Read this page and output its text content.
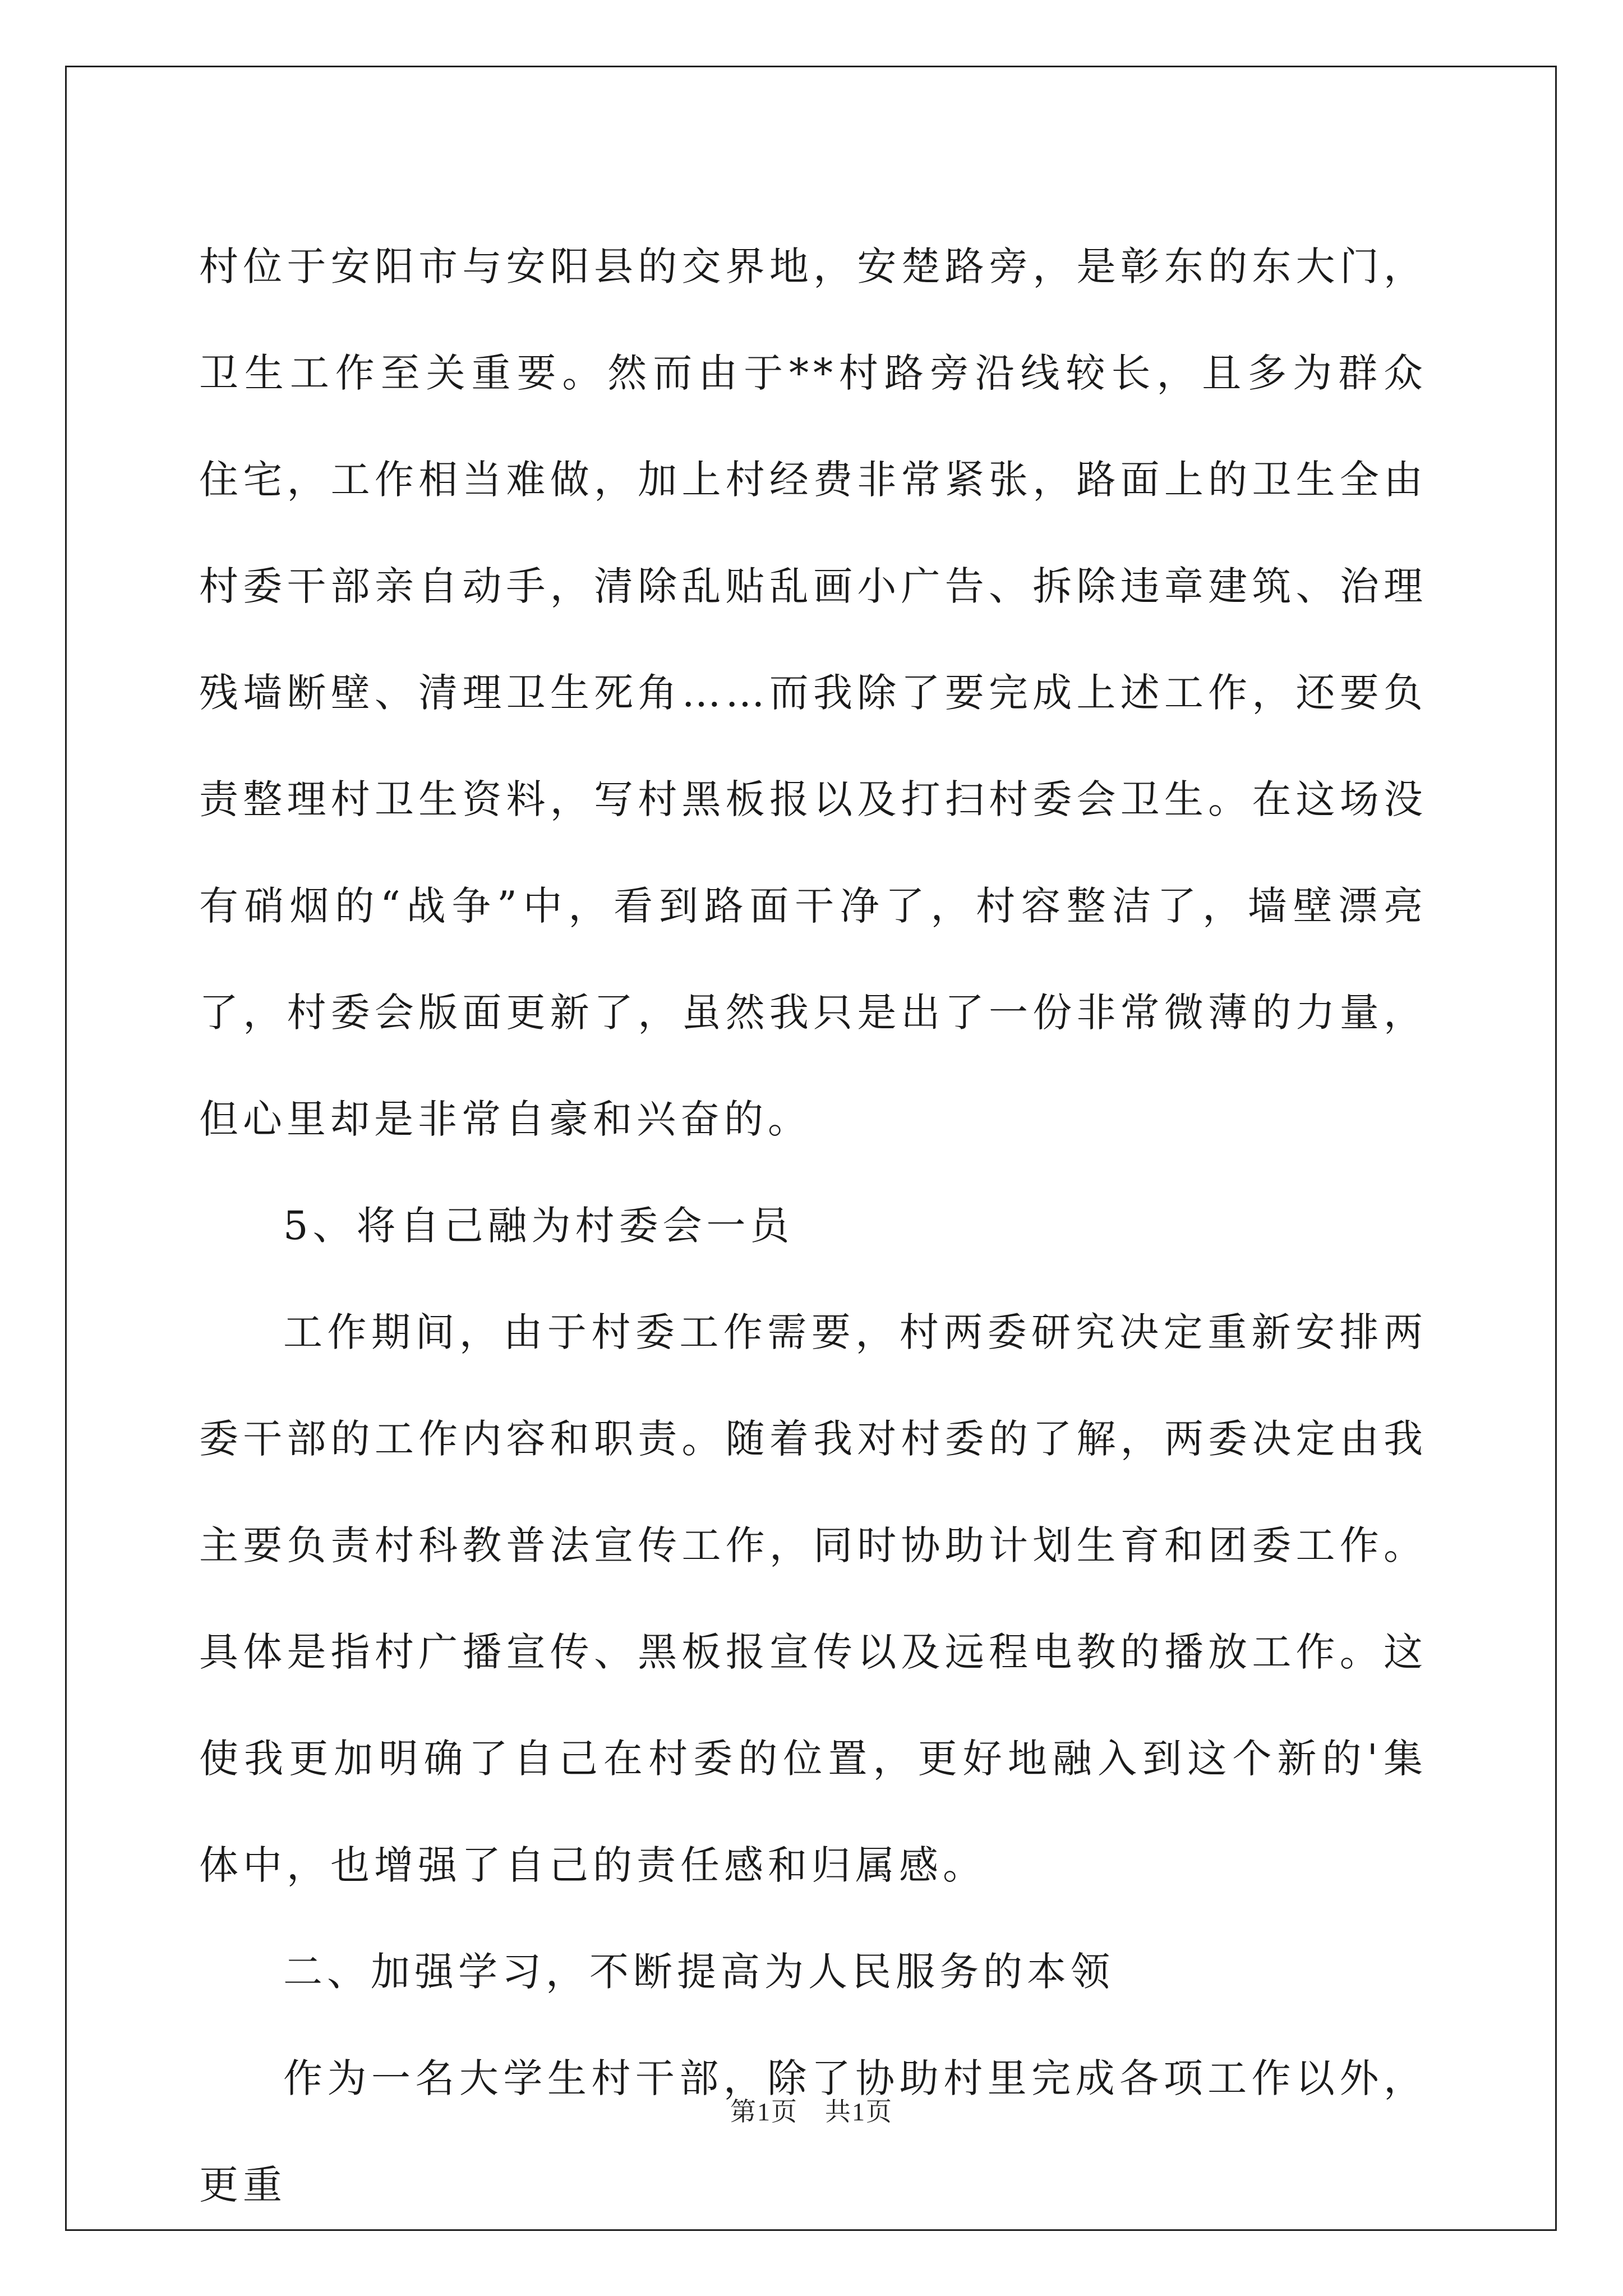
村位于安阳市与安阳县的交界地，安楚路旁，是彰东的东大门，卫生工作至关重要。然而由于**村路旁沿线较长，且多为群众住宅，工作相当难做，加上村经费非常紧张，路面上的卫生全由村委干部亲自动手，清除乱贴乱画小广告、拆除违章建筑、治理残墙断壁、清理卫生死角……而我除了要完成上述工作，还要负责整理村卫生资料，写村黑板报以及打扫村委会卫生。在这场没有硝烟的“战争”中，看到路面干净了，村容整洁了，墙壁漂亮了，村委会版面更新了，虽然我只是出了一份非常微薄的力量，但心里却是非常自豪和兴奋的。

5、将自己融为村委会一员

工作期间，由于村委工作需要，村两委研究决定重新安排两委干部的工作内容和职责。随着我对村委的了解，两委决定由我主要负责村科教普法宣传工作，同时协助计划生育和团委工作。具体是指村广播宣传、黑板报宣传以及远程电教的播放工作。这使我更加明确了自己在村委的位置，更好地融入到这个新的'集体中，也增强了自己的责任感和归属感。

二、加强学习，不断提高为人民服务的本领

作为一名大学生村干部，除了协助村里完成各项工作以外，更重

第1页　共1页
